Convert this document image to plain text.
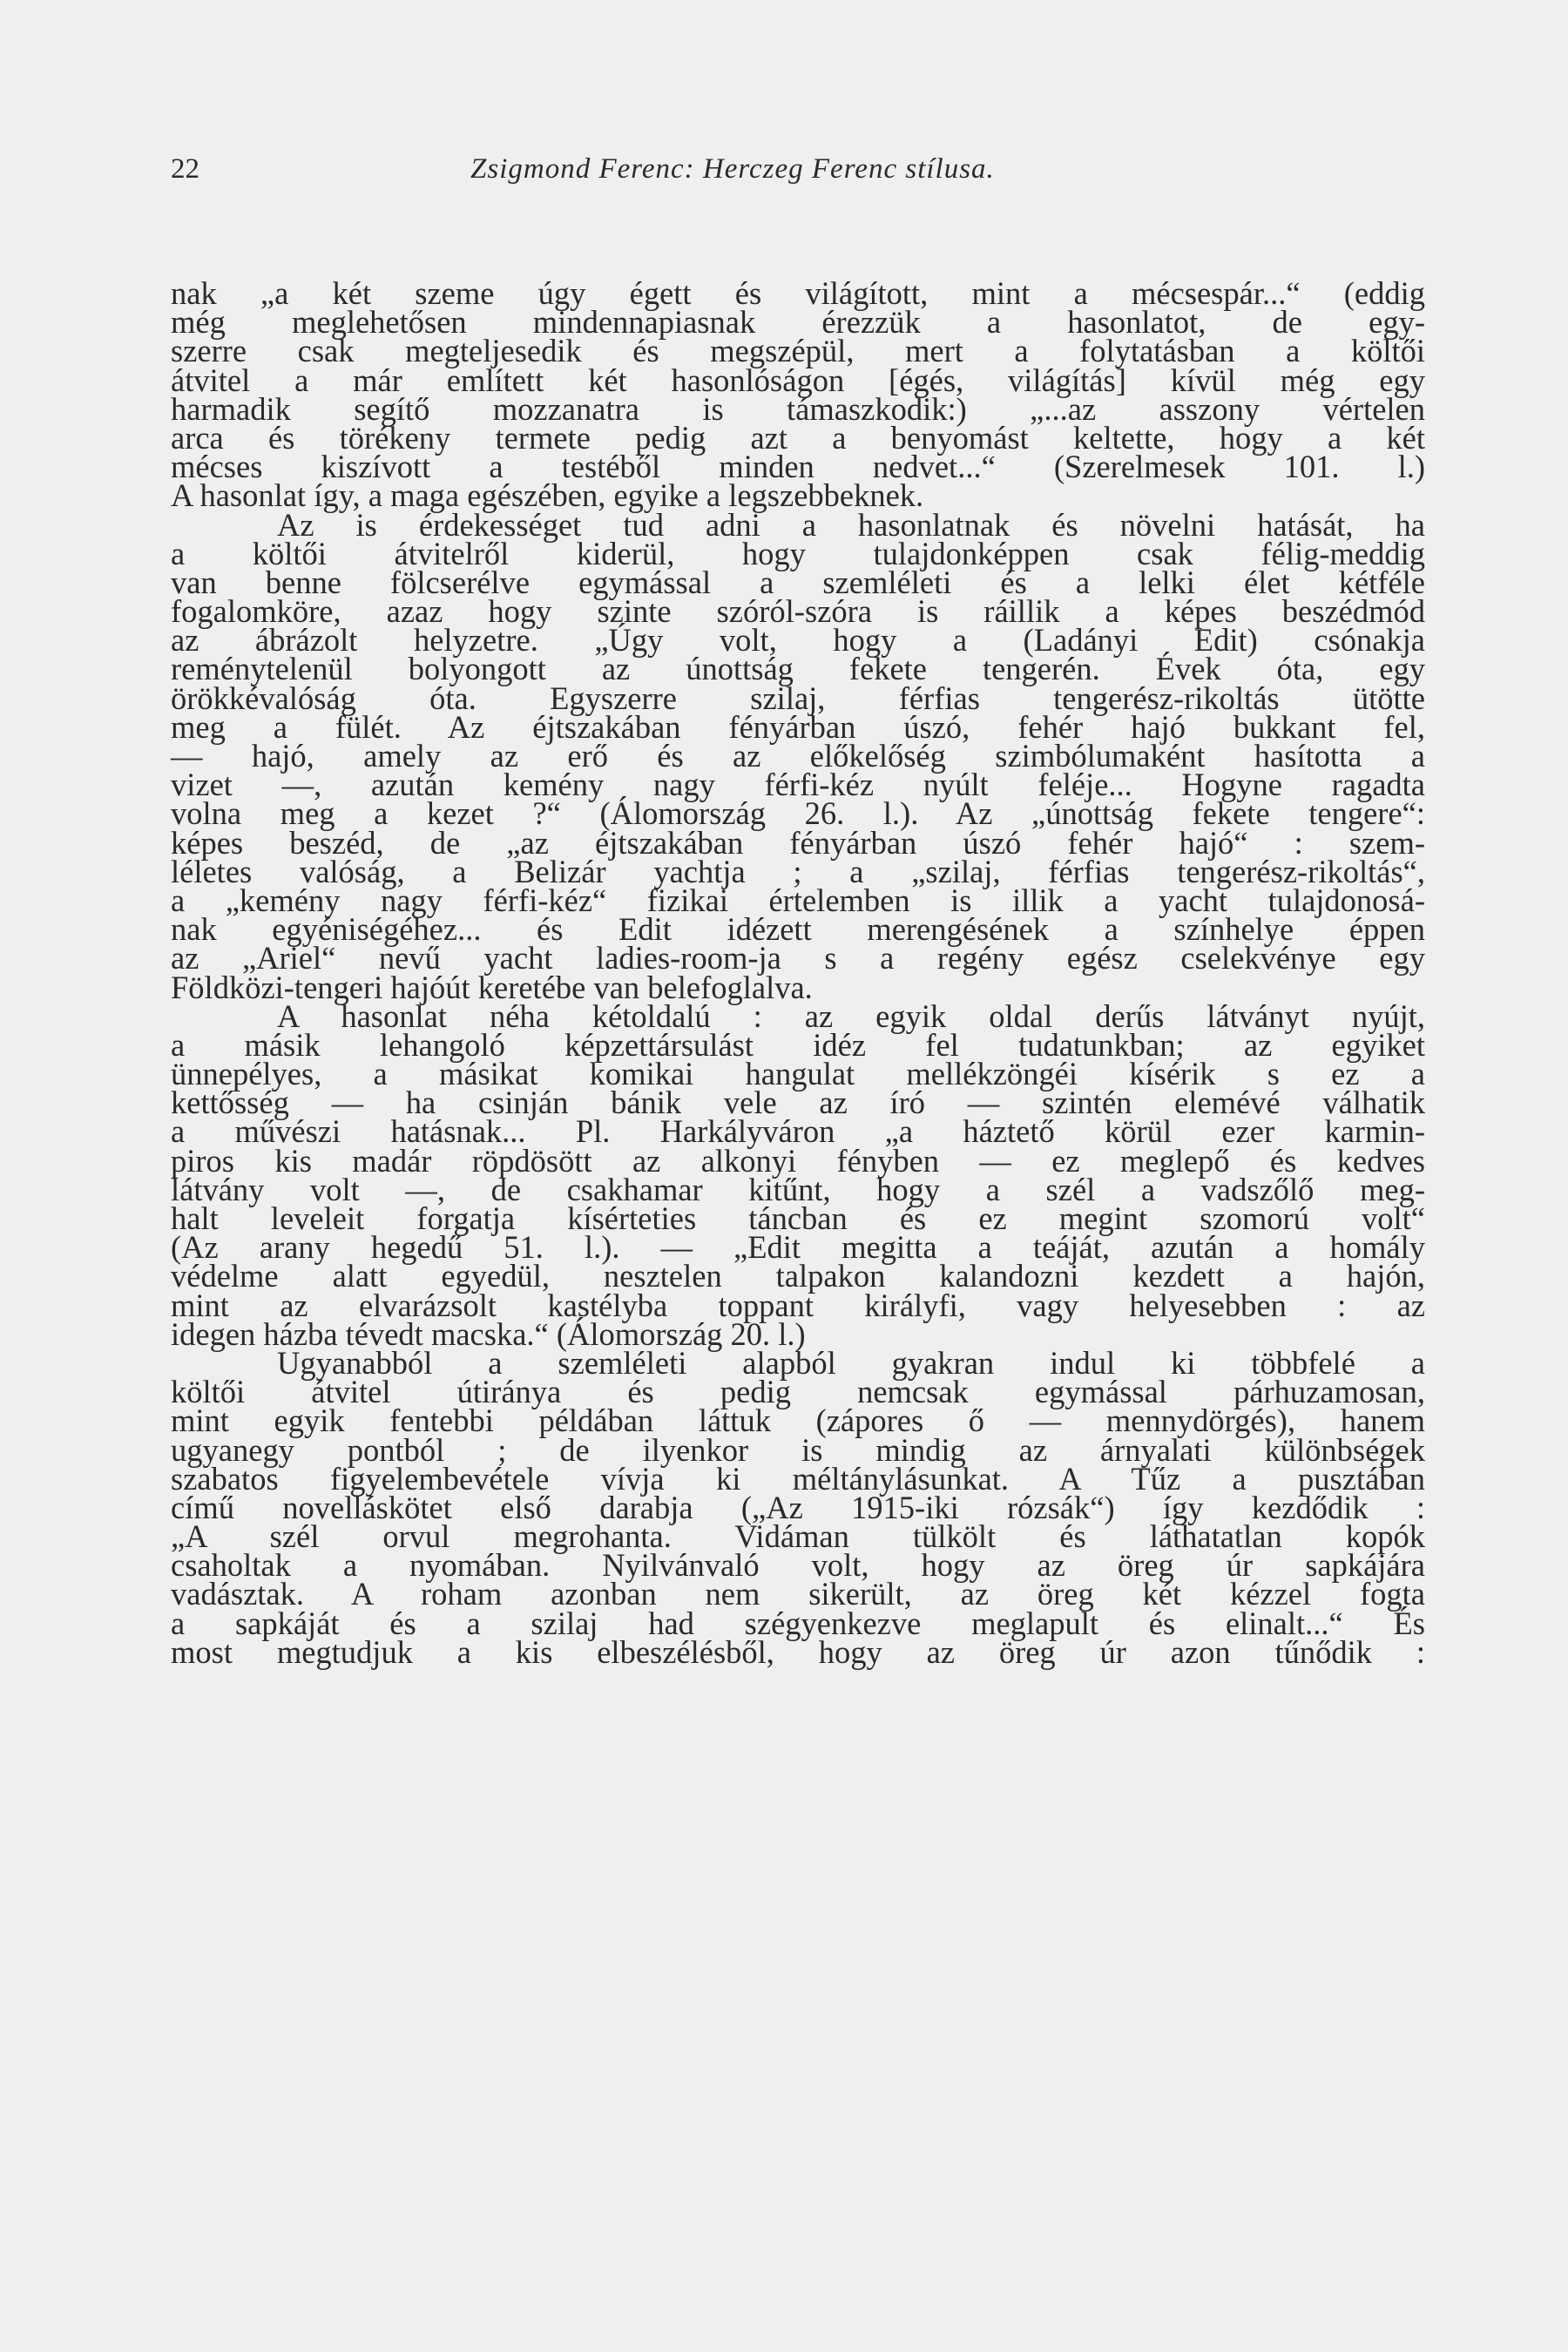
22	Zsigmond Ferenc: Herczeg Ferenc stílusa.
nak „a két szeme úgy égett és világított, mint a mécsespár...“ (eddig
még meglehetősen mindennapiasnak érezzük a hasonlatot, de egy-
szerre csak megteljesedik és megszépül, mert a folytatásban a költői
átvitel a már említett két hasonlóságon [égés, világítás] kívül még egy
harmadik segítő mozzanatra is támaszkodik:) „...az asszony vértelen
arca és törékeny termete pedig azt a benyomást keltette, hogy a két
mécses kiszívott a testéből minden nedvet...“ (Szerelmesek 101. l.)
A hasonlat így, a maga egészében, egyike a legszebbeknek.
Az is érdekességet tud adni a hasonlatnak és növelni hatását, ha
a költői átvitelről kiderül, hogy tulajdonképpen csak félig-meddig
van benne fölcserélve egymással a szemléleti és a lelki élet kétféle
fogalomköre, azaz hogy szinte szóról-szóra is ráillik a képes beszédmód
az ábrázolt helyzetre. „Úgy volt, hogy a (Ladányi Edit) csónakja
reménytelenül bolyongott az únottság fekete tengerén. Évek óta, egy
örökkévalóság óta. Egyszerre szilaj, férfias tengerész-rikoltás ütötte
meg a fülét. Az éjtszakában fényárban úszó, fehér hajó bukkant fel,
— hajó, amely az erő és az előkelőség szimbólumaként hasította a
vizet —, azután kemény nagy férfi-kéz nyúlt feléje... Hogyne ragadta
volna meg a kezet ?“ (Álomország 26. l.). Az „únottság fekete tengere“:
képes beszéd, de „az éjtszakában fényárban úszó fehér hajó“ : szem-
léletes valóság, a Belizár yachtja ; a „szilaj, férfias tengerész-rikoltás“,
a „kemény nagy férfi-kéz“ fizikai értelemben is illik a yacht tulajdonosá-
nak egyéniségéhez... és Edit idézett merengésének a színhelye éppen
az „Ariel“ nevű yacht ladies-room-ja s a regény egész cselekvénye egy
Földközi-tengeri hajóút keretébe van belefoglalva.
A hasonlat néha kétoldalú : az egyik oldal derűs látványt nyújt,
a másik lehangoló képzettársulást idéz fel tudatunkban; az egyiket
ünnepélyes, a másikat komikai hangulat mellékzöngéi kísérik s ez a
kettősség — ha csinján bánik vele az író — szintén elemévé válhatik
a művészi hatásnak... Pl. Harkályváron „a háztető körül ezer karmin-
piros kis madár röpdösött az alkonyi fényben — ez meglepő és kedves
látvány volt —, de csakhamar kitűnt, hogy a szél a vadszőlő meg-
halt leveleit forgatja kísérteties táncban és ez megint szomorú volt“
(Az arany hegedű 51. l.). — „Edit megitta a teáját, azután a homály
védelme alatt egyedül, nesztelen talpakon kalandozni kezdett a hajón,
mint az elvarázsolt kastélyba toppant királyfi, vagy helyesebben : az
idegen házba tévedt macska.“ (Álomország 20. l.)
Ugyanabból a szemléleti alapból gyakran indul ki többfelé a
költői átvitel útiránya és pedig nemcsak egymással párhuzamosan,
mint egyik fentebbi példában láttuk (zápores ő — mennydörgés), hanem
ugyanegy pontból ; de ilyenkor is mindig az árnyalati különbségek
szabatos figyelembevétele vívja ki méltánylásunkat. A Tűz a pusztában
című novelláskötet első darabja („Az 1915-iki rózsák“) így kezdődik :
„A szél orvul megrohanta. Vidáman tülkölt és láthatatlan kopók
csaholtak a nyomában. Nyilvánvaló volt, hogy az öreg úr sapkájára
vadásztak. A roham azonban nem sikerült, az öreg két kézzel fogta
a sapkáját és a szilaj had szégyenkezve meglapult és elinalt...“ És
most megtudjuk a kis elbeszélésből, hogy az öreg úr azon tűnődik :
